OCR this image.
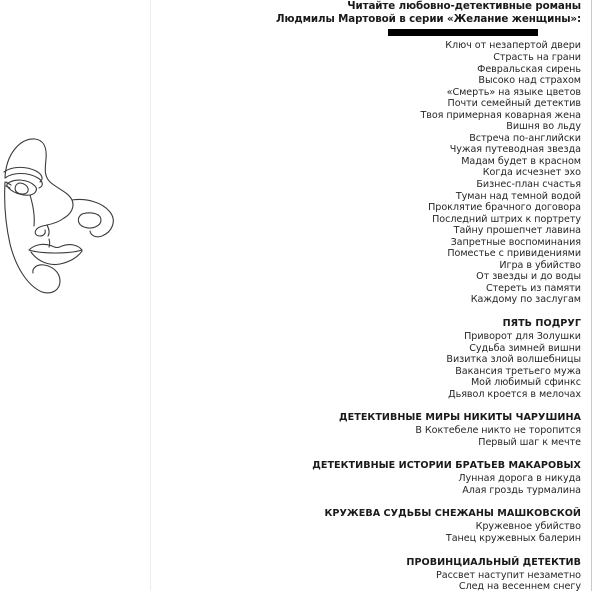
Читайте любовно-детективные романы
Людмилы Мартовой в серии «Желание женщины»:
Ключ от незапертой двери
Страсть на грани
Февральская сирень
Высоко над страхом
«Смерть» на языке цветов
Почти семейный детектив
Твоя примерная коварная жена
Вишня во льду
Встреча по-английски
Чужая путеводная звезда
Мадам будет в красном
Когда исчезнет эхо
Бизнес-план счастья
Туман над темной водой
Проклятие брачного договора
Последний штрих к портрету
Тайну прошепчет лавина
Запретные воспоминания
Поместье с привидениями
Игра в убийство
От звезды и до воды
Стереть из памяти
Каждому по заслугам
ПЯТЬ ПОДРУГ
Приворот для Золушки
Судьба зимней вишни
Визитка злой волшебницы
Вакансия третьего мужа
Мой любимый сфинкс
Дьявол кроется в мелочах
ДЕТЕКТИВНЫЕ МИРЫ НИКИТЫ ЧАРУШИНА
В Коктебеле никто не торопится
Первый шаг к мечте
ДЕТЕКТИВНЫЕ ИСТОРИИ БРАТЬЕВ МАКАРОВЫХ
Лунная дорога в никуда
Алая гроздь турмалина
КРУЖЕВА СУДЬБЫ СНЕЖАНЫ МАШКОВСКОЙ
Кружевное убийство
Танец кружевных балерин
ПРОВИНЦИАЛЬНЫЙ ДЕТЕКТИВ
Рассвет наступит незаметно
След на весеннем снегу
